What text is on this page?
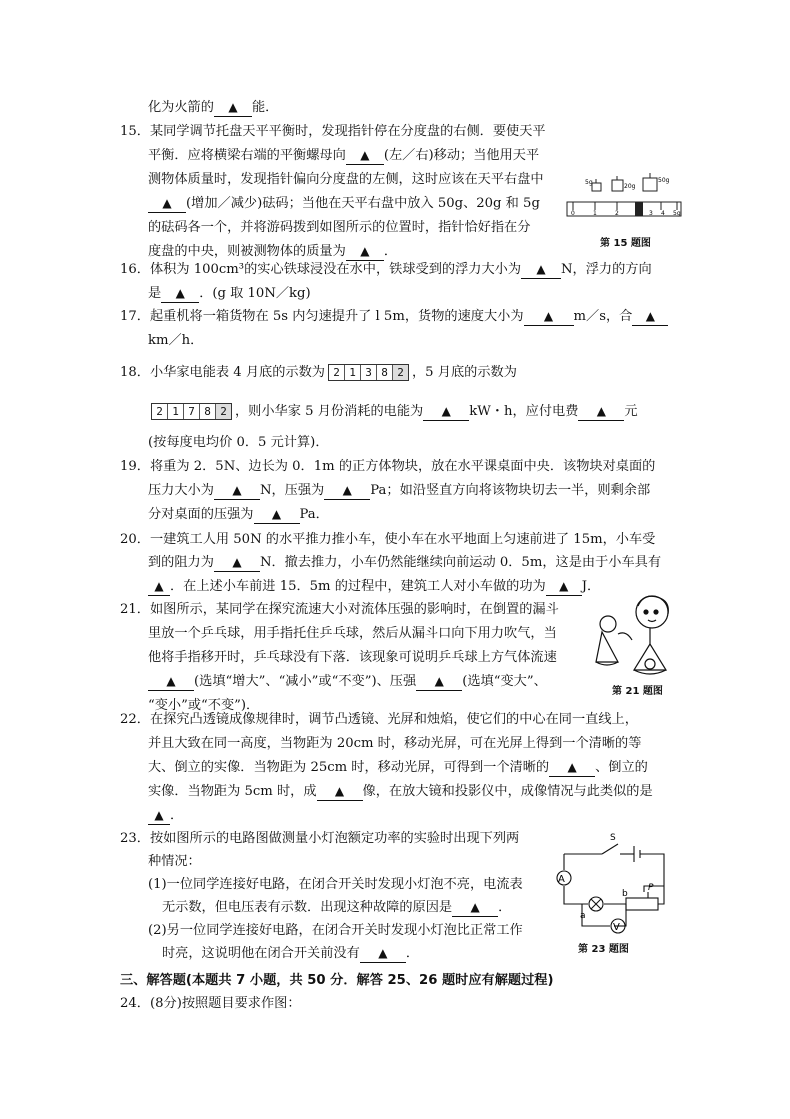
化为火箭的 ▲ 能．
15．某同学调节托盘天平平衡时，发现指针停在分度盘的右侧．要使天平
平衡．应将横梁右端的平衡螺母向 ▲ (左／右)移动；当他用天平
测物体质量时，发现指针偏向分度盘的左侧，这时应该在天平右盘中
▲ (增加／减少)砝码；当他在天平右盘中放入 50g、20g 和 5g
的砝码各一个，并将游码拨到如图所示的位置时，指针恰好指在分
度盘的中央，则被测物体的质量为 ▲ ．
5g
20g
50g
0	1	2	3 4 5g
第 15 题图
16．体积为 100cm³的实心铁球浸没在水中，铁球受到的浮力大小为 ▲ N，浮力的方向
是 ▲ ．(g 取 10N／kg)
17．起重机将一箱货物在 5s 内匀速提升了 l 5m，货物的速度大小为 ▲ m／s，合 ▲
km／h．
18．小华家电能表 4 月底的示数为 2 1 3 8 2 ，5 月底的示数为
2 1 7 8 2 ，则小华家 5 月份消耗的电能为 ▲ kW・h，应付电费 ▲ 元
(按每度电均价 0．5 元计算)．
19．将重为 2．5N、边长为 0．1m 的正方体物块，放在水平课桌面中央．该物块对桌面的
压力大小为 ▲ N，压强为 ▲ Pa；如沿竖直方向将该物块切去一半，则剩余部
分对桌面的压强为 ▲ Pa．
20．一建筑工人用 50N 的水平推力推小车，使小车在水平地面上匀速前进了 15m，小车受
到的阻力为 ▲ N．撤去推力，小车仍然能继续向前运动 0．5m，这是由于小车具有
▲ ．在上述小车前进 15．5m 的过程中，建筑工人对小车做的功为 ▲ J．
21．如图所示，某同学在探究流速大小对流体压强的影响时，在倒置的漏斗
里放一个乒乓球，用手指托住乒乓球，然后从漏斗口向下用力吹气，当
他将手指移开时，乒乓球没有下落．该现象可说明乒乓球上方气体流速
▲ (选填“增大”、“减小”或“不变”)、压强 ▲ (选填“变大”、
“变小”或“不变”)．
第 21 题图
22．在探究凸透镜成像规律时，调节凸透镜、光屏和烛焰，使它们的中心在同一直线上，
并且大致在同一高度，当物距为 20cm 时，移动光屏，可在光屏上得到一个清晰的等
大、倒立的实像．当物距为 25cm 时，移动光屏，可得到一个清晰的 ▲ 、倒立的
实像．当物距为 5cm 时，成 ▲ 像，在放大镜和投影仪中，成像情况与此类似的是
▲ ．
23．按如图所示的电路图做测量小灯泡额定功率的实验时出现下列两
种情况：
(1)一位同学连接好电路，在闭合开关时发现小灯泡不亮，电流表
无示数，但电压表有示数．出现这种故障的原因是 ▲ ．
(2)另一位同学连接好电路，在闭合开关时发现小灯泡比正常工作
时亮，这说明他在闭合开关前没有 ▲ ．
A
V
S
a
b
P
第 23 题图
三、解答题(本题共 7 小题，共 50 分．解答 25、26 题时应有解题过程)
24．(8分)按照题目要求作图：
